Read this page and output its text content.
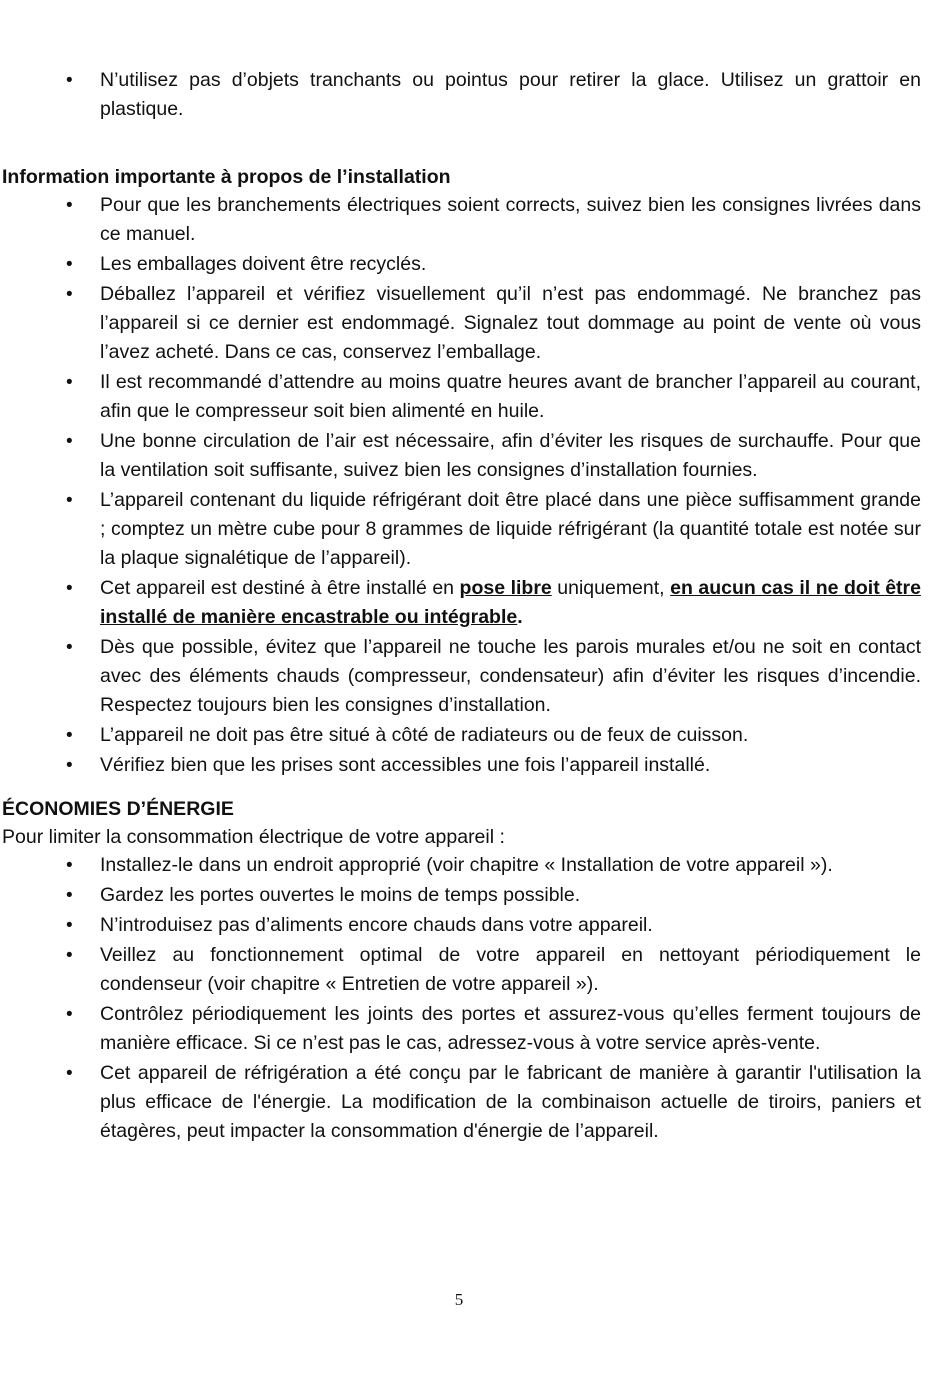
• N’utilisez pas d’objets tranchants ou pointus pour retirer la glace. Utilisez un grattoir en plastique.

Information importante à propos de l’installation

• Pour que les branchements électriques soient corrects, suivez bien les consignes livrées dans ce manuel.
• Les emballages doivent être recyclés.
• Déballez l’appareil et vérifiez visuellement qu’il n’est pas endommagé. Ne branchez pas l’appareil si ce dernier est endommagé. Signalez tout dommage au point de vente où vous l’avez acheté. Dans ce cas, conservez l’emballage.
• Il est recommandé d’attendre au moins quatre heures avant de brancher l’appareil au courant, afin que le compresseur soit bien alimenté en huile.
• Une bonne circulation de l’air est nécessaire, afin d’éviter les risques de surchauffe. Pour que la ventilation soit suffisante, suivez bien les consignes d’installation fournies.
• L’appareil contenant du liquide réfrigérant doit être placé dans une pièce suffisamment grande ; comptez un mètre cube pour 8 grammes de liquide réfrigérant (la quantité totale est notée sur la plaque signalétique de l’appareil).
• Cet appareil est destiné à être installé en pose libre uniquement, en aucun cas il ne doit être installé de manière encastrable ou intégrable.
• Dès que possible, évitez que l’appareil ne touche les parois murales et/ou ne soit en contact avec des éléments chauds (compresseur, condensateur) afin d’éviter les risques d’incendie. Respectez toujours bien les consignes d’installation.
• L’appareil ne doit pas être situé à côté de radiateurs ou de feux de cuisson.
• Vérifiez bien que les prises sont accessibles une fois l’appareil installé.

ÉCONOMIES D’ÉNERGIE

Pour limiter la consommation électrique de votre appareil :

• Installez-le dans un endroit approprié (voir chapitre « Installation de votre appareil »).
• Gardez les portes ouvertes le moins de temps possible.
• N’introduisez pas d’aliments encore chauds dans votre appareil.
• Veillez au fonctionnement optimal de votre appareil en nettoyant périodiquement le condenseur (voir chapitre « Entretien de votre appareil »).
• Contrôlez périodiquement les joints des portes et assurez-vous qu’elles ferment toujours de manière efficace. Si ce n’est pas le cas, adressez-vous à votre service après-vente.
• Cet appareil de réfrigération a été conçu par le fabricant de manière à garantir l'utilisation la plus efficace de l'énergie. La modification de la combinaison actuelle de tiroirs, paniers et étagères, peut impacter la consommation d'énergie de l’appareil.
5
